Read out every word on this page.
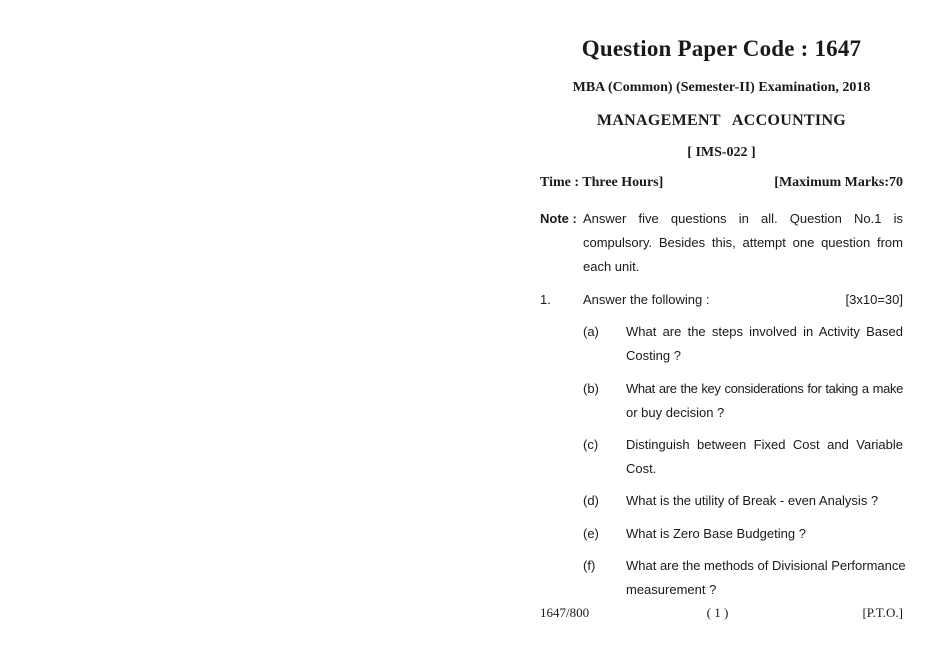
Question Paper Code : 1647
MBA (Common) (Semester-II) Examination, 2018
MANAGEMENT ACCOUNTING
[ IMS-022 ]
Time : Three Hours]	[Maximum Marks:70
Note : Answer five questions in all. Question No.1 is
compulsory. Besides this, attempt one question from
each unit.
1. Answer the following :	[3x10=30]
(a) What are the steps involved in Activity Based
Costing ?
(b) What are the key considerations for taking a make
or buy decision ?
(c) Distinguish between Fixed Cost and Variable
Cost.
(d) What is the utility of Break - even Analysis ?
(e) What is Zero Base Budgeting ?
(f) What are the methods of Divisional Performance
measurement ?
1647/800	( 1 )	[P.T.O.]
